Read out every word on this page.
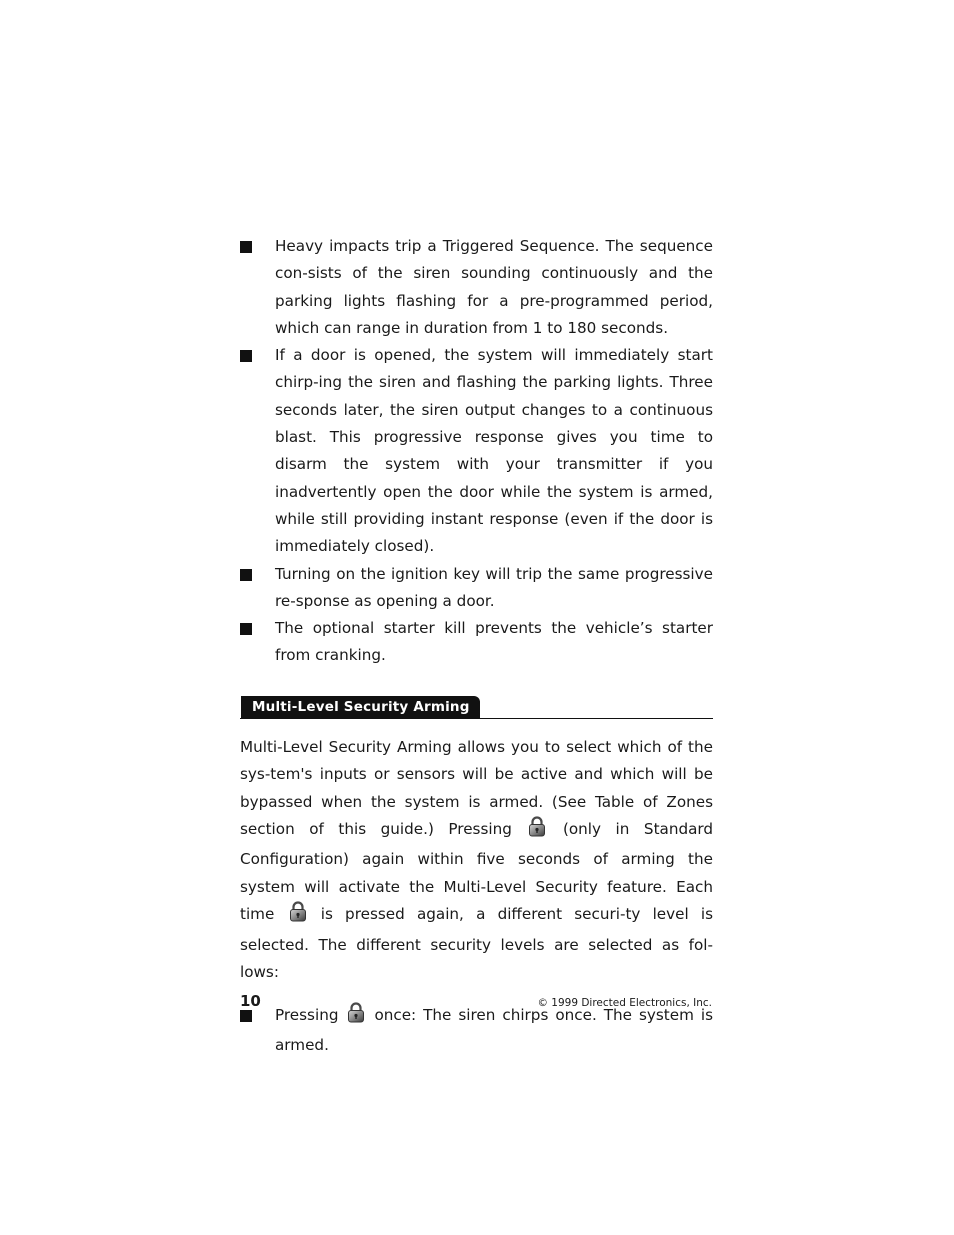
Heavy impacts trip a Triggered Sequence. The sequence con-sists of the siren sounding continuously and the parking lights flashing for a pre-programmed period, which can range in duration from 1 to 180 seconds.
If a door is opened, the system will immediately start chirp-ing the siren and flashing the parking lights. Three seconds later, the siren output changes to a continuous blast. This progressive response gives you time to disarm the system with your transmitter if you inadvertently open the door while the system is armed, while still providing instant response (even if the door is immediately closed).
Turning on the ignition key will trip the same progressive re-sponse as opening a door.
The optional starter kill prevents the vehicle’s starter from cranking.
Multi-Level Security Arming

Multi-Level Security Arming allows you to select which of the sys-tem's inputs or sensors will be active and which will be bypassed when the system is armed. (See Table of Zones section of this guide.) Pressing	(only in Standard Configuration) again within five seconds of arming the system will activate the Multi-Level Security feature. Each time	is pressed again, a different securi-ty level is selected. The different security levels are selected as fol-lows:

Pressing once: The siren chirps once. The system is armed.
10	© 1999 Directed Electronics, Inc.
